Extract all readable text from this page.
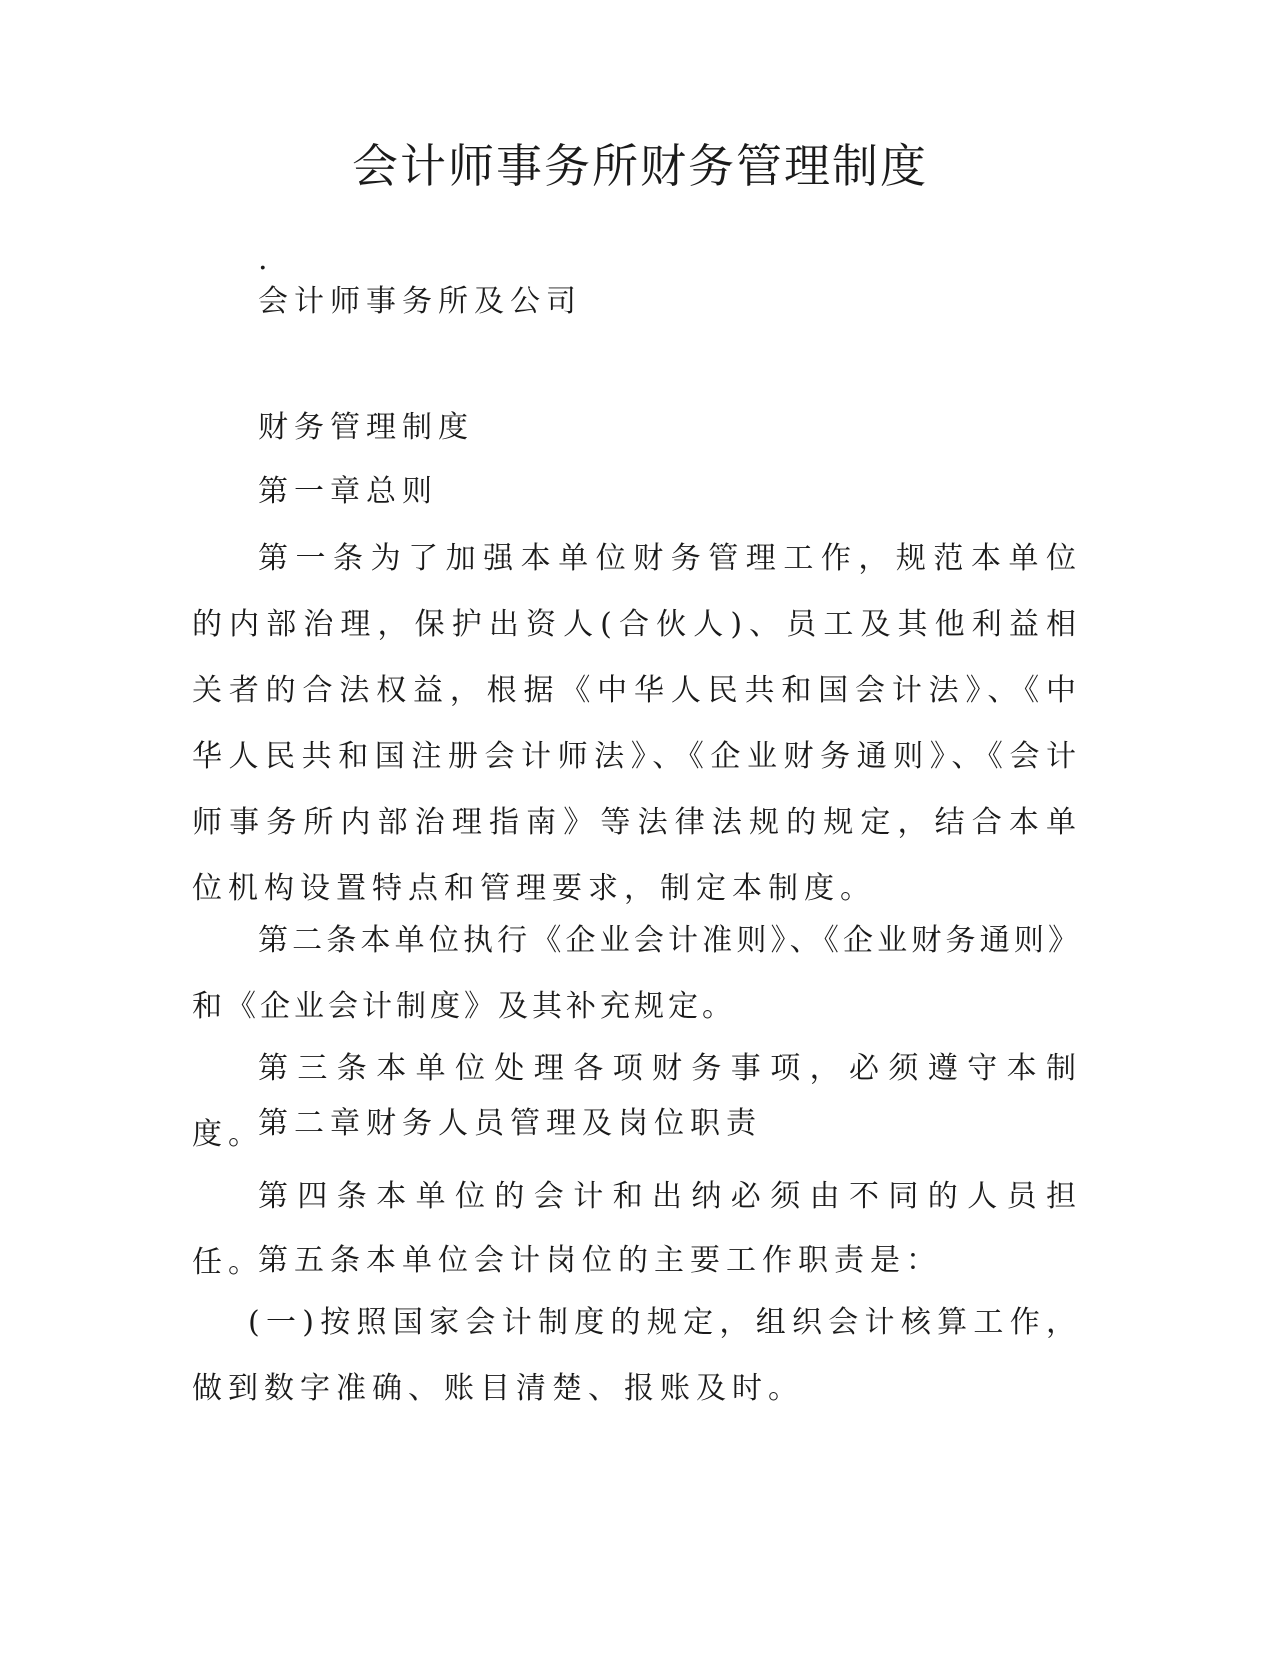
会计师事务所财务管理制度
.
会计师事务所及公司
财务管理制度
第一章总则
第一条为了加强本单位财务管理工作，规范本单位的内部治理，保护出资人(合伙人)、员工及其他利益相关者的合法权益，根据《中华人民共和国会计法》、《中华人民共和国注册会计师法》、《企业财务通则》、《会计师事务所内部治理指南》等法律法规的规定，结合本单位机构设置特点和管理要求，制定本制度。
第二条本单位执行《企业会计准则》、《企业财务通则》和《企业会计制度》及其补充规定。
第三条本单位处理各项财务事项，必须遵守本制度。
第二章财务人员管理及岗位职责
第四条本单位的会计和出纳必须由不同的人员担任。
第五条本单位会计岗位的主要工作职责是：
(一)按照国家会计制度的规定，组织会计核算工作，做到数字准确、账目清楚、报账及时。
